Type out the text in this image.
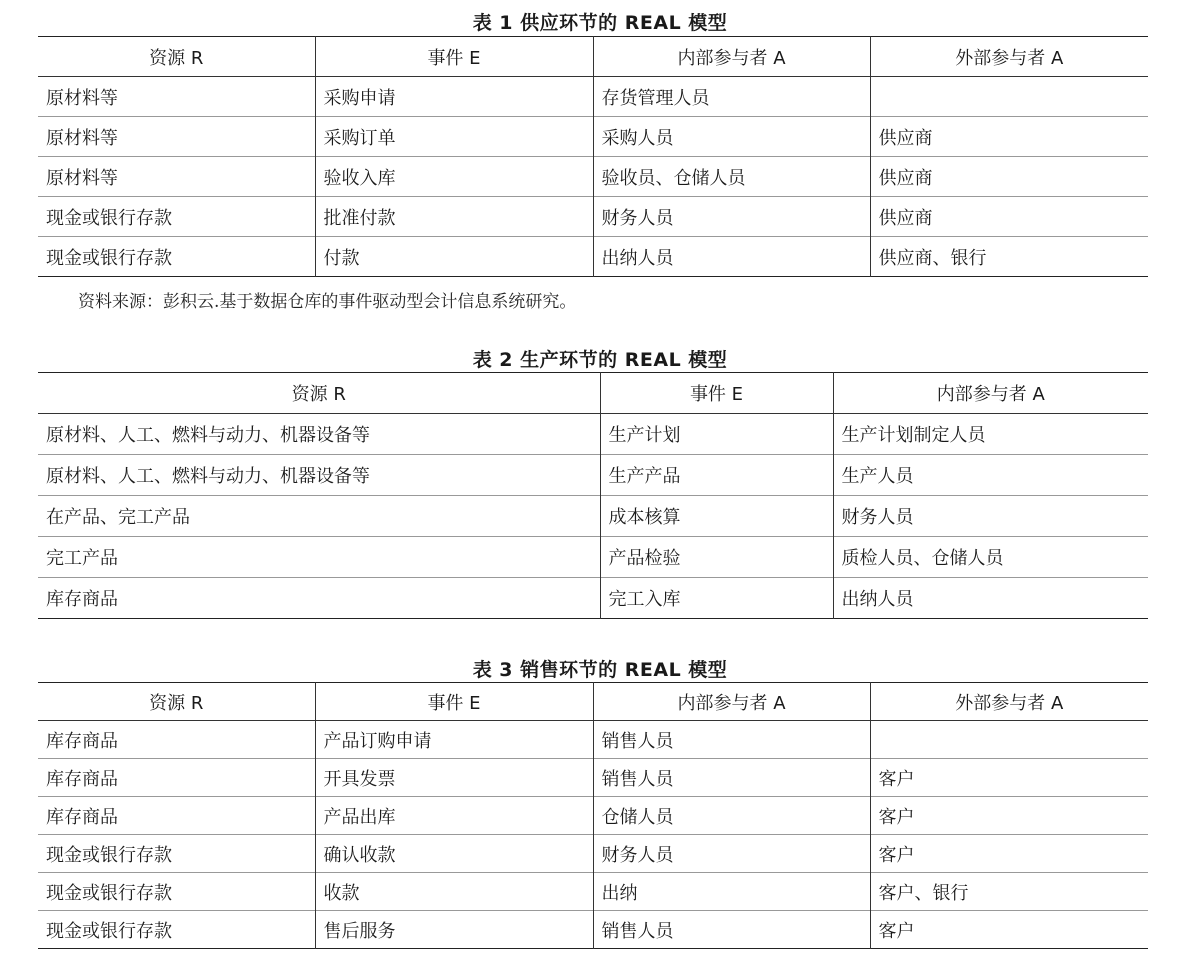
表 1 供应环节的 REAL 模型
资源 R	事件 E	内部参与者 A	外部参与者 A
原材料等	采购申请	存货管理人员	
原材料等	采购订单	采购人员	供应商
原材料等	验收入库	验收员、仓储人员	供应商
现金或银行存款	批准付款	财务人员	供应商
现金或银行存款	付款	出纳人员	供应商、银行
资料来源：彭积云.基于数据仓库的事件驱动型会计信息系统研究。
表 2 生产环节的 REAL 模型
资源 R	事件 E	内部参与者 A
原材料、人工、燃料与动力、机器设备等	生产计划	生产计划制定人员
原材料、人工、燃料与动力、机器设备等	生产产品	生产人员
在产品、完工产品	成本核算	财务人员
完工产品	产品检验	质检人员、仓储人员
库存商品	完工入库	出纳人员
表 3 销售环节的 REAL 模型
资源 R	事件 E	内部参与者 A	外部参与者 A
库存商品	产品订购申请	销售人员	
库存商品	开具发票	销售人员	客户
库存商品	产品出库	仓储人员	客户
现金或银行存款	确认收款	财务人员	客户
现金或银行存款	收款	出纳	客户、银行
现金或银行存款	售后服务	销售人员	客户
